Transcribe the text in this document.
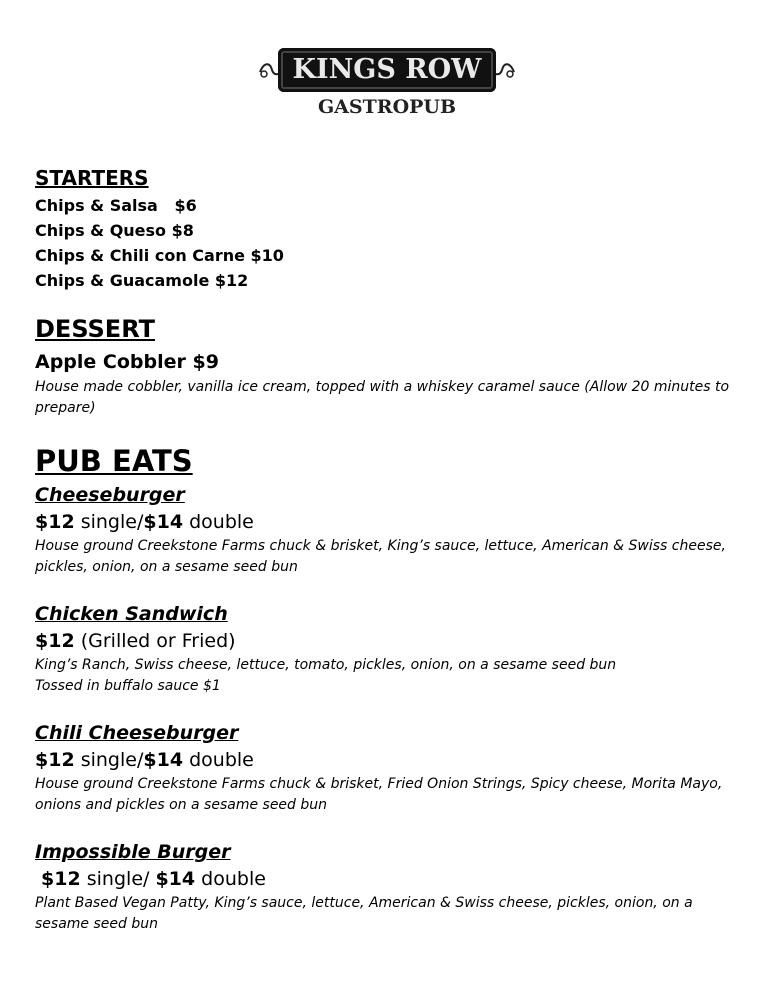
KINGS ROW
GASTROPUB
STARTERS
Chips & Salsa   $6
Chips & Queso $8
Chips & Chili con Carne $10
Chips & Guacamole $12
DESSERT
Apple Cobbler $9
House made cobbler, vanilla ice cream, topped with a whiskey caramel sauce (Allow 20 minutes to prepare)
PUB EATS
Cheeseburger
$12 single/$14 double
House ground Creekstone Farms chuck & brisket, King’s sauce, lettuce, American & Swiss cheese, pickles, onion, on a sesame seed bun
Chicken Sandwich
$12 (Grilled or Fried)
King’s Ranch, Swiss cheese, lettuce, tomato, pickles, onion, on a sesame seed bun
Tossed in buffalo sauce $1
Chili Cheeseburger
$12 single/$14 double
House ground Creekstone Farms chuck & brisket, Fried Onion Strings, Spicy cheese, Morita Mayo, onions and pickles on a sesame seed bun
Impossible Burger
$12 single/ $14 double
Plant Based Vegan Patty, King’s sauce, lettuce, American & Swiss cheese, pickles, onion, on a sesame seed bun
